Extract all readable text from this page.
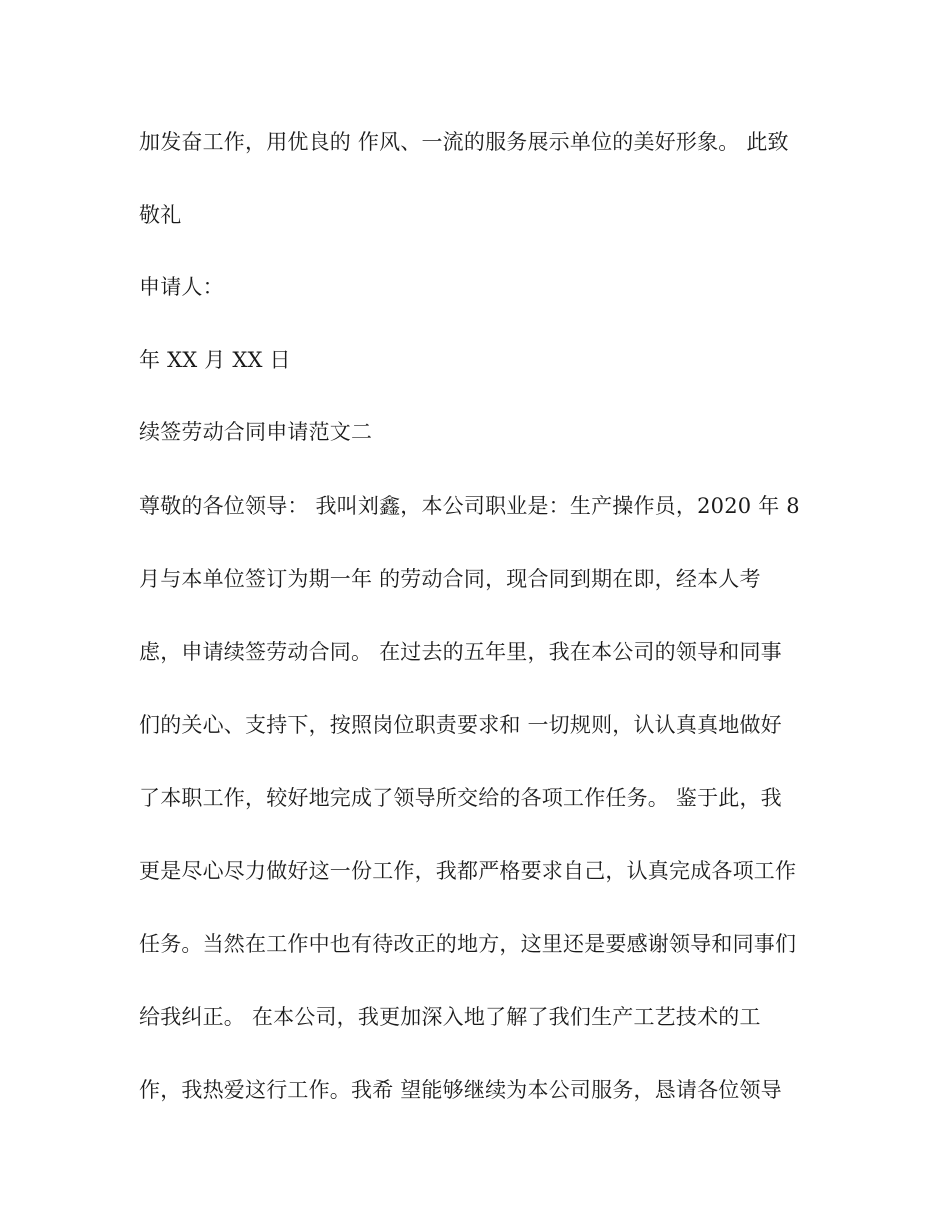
加发奋工作，用优良的 作风、一流的服务展示单位的美好形象。 此致
敬礼
申请人：
年 XX 月 XX 日
续签劳动合同申请范文二
尊敬的各位领导： 我叫刘鑫，本公司职业是：生产操作员，2020 年 8
月与本单位签订为期一年 的劳动合同，现合同到期在即，经本人考
虑，申请续签劳动合同。 在过去的五年里，我在本公司的领导和同事
们的关心、支持下，按照岗位职责要求和 一切规则，认认真真地做好
了本职工作，较好地完成了领导所交给的各项工作任务。 鉴于此，我
更是尽心尽力做好这一份工作，我都严格要求自己，认真完成各项工作
任务。当然在工作中也有待改正的地方，这里还是要感谢领导和同事们
给我纠正。 在本公司，我更加深入地了解了我们生产工艺技术的工
作，我热爱这行工作。我希 望能够继续为本公司服务，恳请各位领导
